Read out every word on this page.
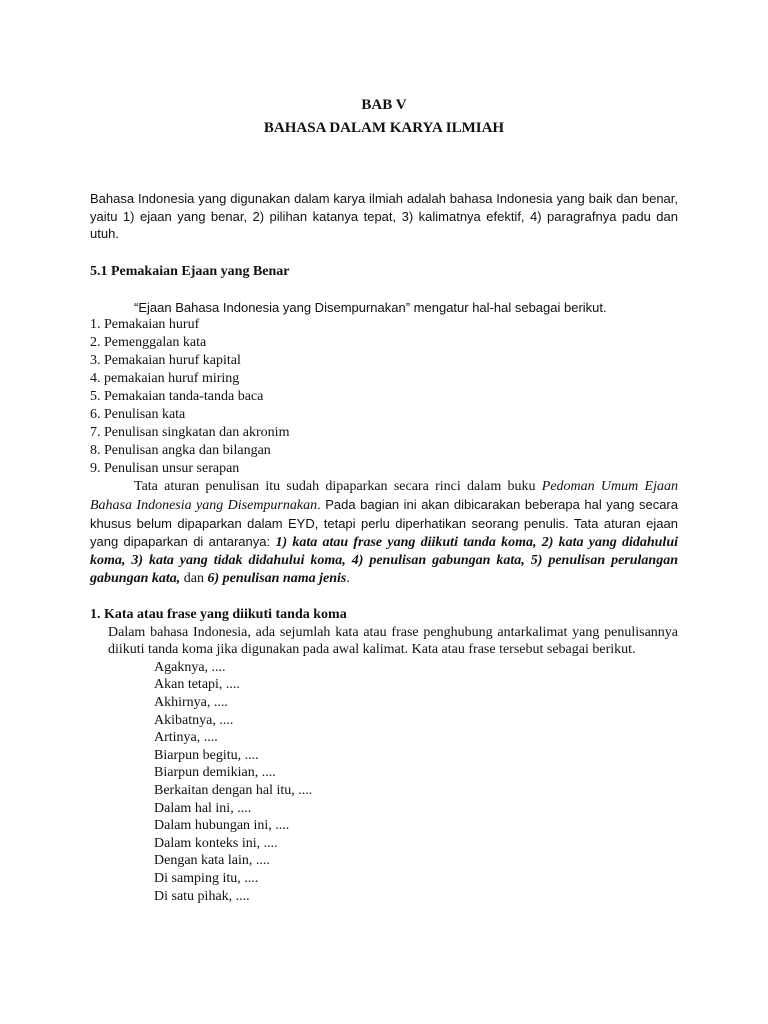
BAB V
BAHASA DALAM KARYA ILMIAH

Bahasa Indonesia yang digunakan dalam karya ilmiah adalah bahasa Indonesia yang baik dan benar, yaitu 1) ejaan yang benar, 2) pilihan katanya tepat, 3) kalimatnya efektif, 4) paragrafnya padu dan utuh.

5.1 Pemakaian Ejaan yang Benar

“Ejaan Bahasa Indonesia yang Disempurnakan” mengatur hal-hal sebagai berikut.

1. Pemakaian huruf
2. Pemenggalan kata
3. Pemakaian huruf kapital
4. pemakaian huruf miring
5. Pemakaian tanda-tanda baca
6. Penulisan kata
7. Penulisan singkatan dan akronim
8. Penulisan angka dan bilangan
9. Penulisan unsur serapan

Tata aturan penulisan itu sudah dipaparkan secara rinci dalam buku Pedoman Umum Ejaan Bahasa Indonesia yang Disempurnakan. Pada bagian ini akan dibicarakan beberapa hal yang secara khusus belum dipaparkan dalam EYD, tetapi perlu diperhatikan seorang penulis. Tata aturan ejaan yang dipaparkan di antaranya: 1) kata atau frase yang diikuti tanda koma, 2) kata yang didahului koma, 3) kata yang tidak didahului koma, 4) penulisan gabungan kata, 5) penulisan perulangan gabungan kata, dan 6) penulisan nama jenis.

1. Kata atau frase yang diikuti tanda koma

Dalam bahasa Indonesia, ada sejumlah kata atau frase penghubung antarkalimat yang penulisannya diikuti tanda koma jika digunakan pada awal kalimat. Kata atau frase tersebut sebagai berikut.

Agaknya, ....
Akan tetapi, ....
Akhirnya, ....
Akibatnya, ....
Artinya, ....
Biarpun begitu, ....
Biarpun demikian, ....
Berkaitan dengan hal itu, ....
Dalam hal ini, ....
Dalam hubungan ini, ....
Dalam konteks ini, ....
Dengan kata lain, ....
Di samping itu, ....
Di satu pihak, ....
